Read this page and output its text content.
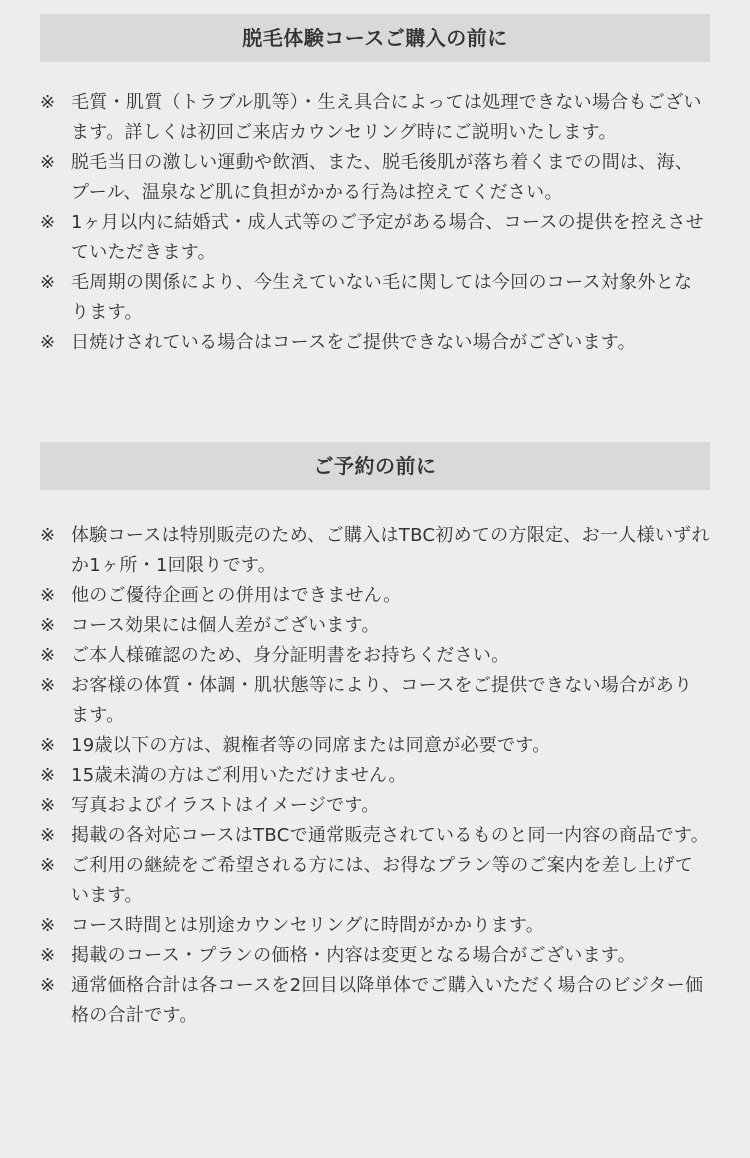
脱毛体験コースご購入の前に
※ 毛質・肌質（トラブル肌等）・生え具合によっては処理できない場合もございます。詳しくは初回ご来店カウンセリング時にご説明いたします。
※ 脱毛当日の激しい運動や飲酒、また、脱毛後肌が落ち着くまでの間は、海、プール、温泉など肌に負担がかかる行為は控えてください。
※ 1ヶ月以内に結婚式・成人式等のご予定がある場合、コースの提供を控えさせていただきます。
※ 毛周期の関係により、今生えていない毛に関しては今回のコース対象外となります。
※ 日焼けされている場合はコースをご提供できない場合がございます。
ご予約の前に
※ 体験コースは特別販売のため、ご購入はTBC初めての方限定、お一人様いずれか1ヶ所・1回限りです。
※ 他のご優待企画との併用はできません。
※ コース効果には個人差がございます。
※ ご本人様確認のため、身分証明書をお持ちください。
※ お客様の体質・体調・肌状態等により、コースをご提供できない場合があります。
※ 19歳以下の方は、親権者等の同席または同意が必要です。
※ 15歳未満の方はご利用いただけません。
※ 写真およびイラストはイメージです。
※ 掲載の各対応コースはTBCで通常販売されているものと同一内容の商品です。
※ ご利用の継続をご希望される方には、お得なプラン等のご案内を差し上げています。
※ コース時間とは別途カウンセリングに時間がかかります。
※ 掲載のコース・プランの価格・内容は変更となる場合がございます。
※ 通常価格合計は各コースを2回目以降単体でご購入いただく場合のビジター価格の合計です。
